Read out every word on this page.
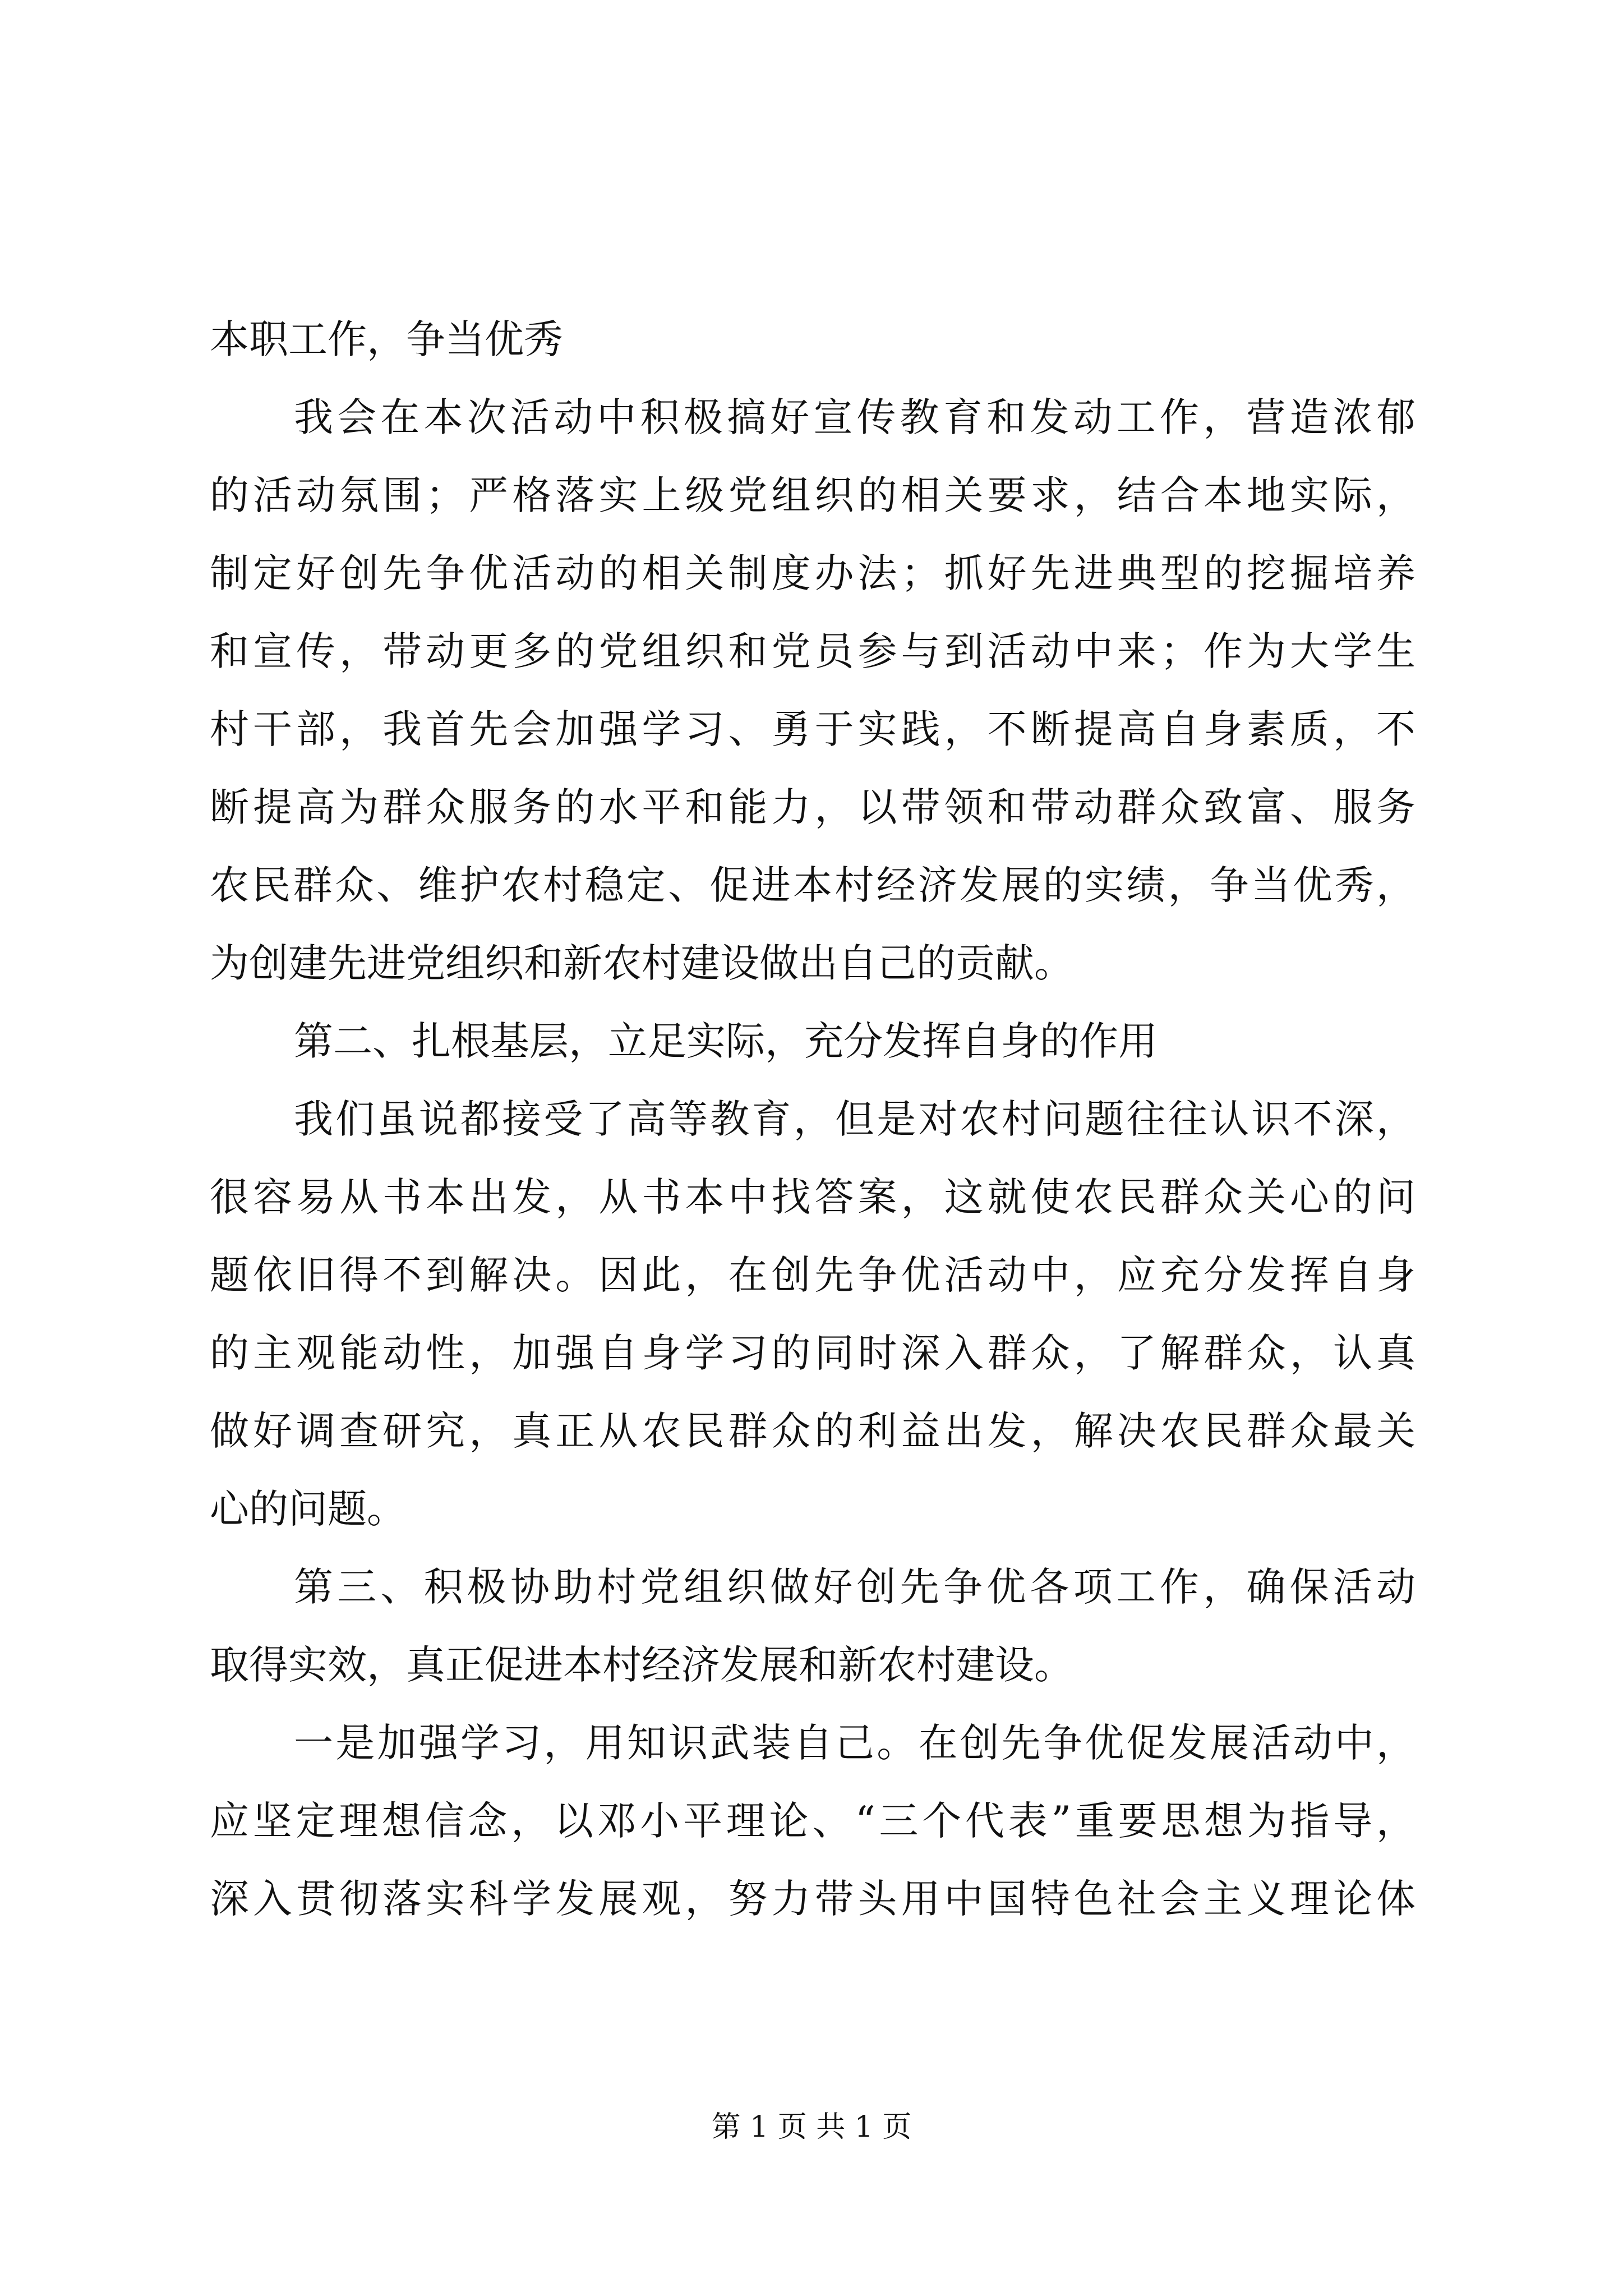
本职工作，争当优秀
我会在本次活动中积极搞好宣传教育和发动工作，营造浓郁
的活动氛围；严格落实上级党组织的相关要求，结合本地实际，
制定好创先争优活动的相关制度办法；抓好先进典型的挖掘培养
和宣传，带动更多的党组织和党员参与到活动中来；作为大学生
村干部，我首先会加强学习、勇于实践，不断提高自身素质，不
断提高为群众服务的水平和能力，以带领和带动群众致富、服务
农民群众、维护农村稳定、促进本村经济发展的实绩，争当优秀，
为创建先进党组织和新农村建设做出自己的贡献。
第二、扎根基层，立足实际，充分发挥自身的作用
我们虽说都接受了高等教育，但是对农村问题往往认识不深，
很容易从书本出发，从书本中找答案，这就使农民群众关心的问
题依旧得不到解决。因此，在创先争优活动中，应充分发挥自身
的主观能动性，加强自身学习的同时深入群众，了解群众，认真
做好调查研究，真正从农民群众的利益出发，解决农民群众最关
心的问题。
第三、积极协助村党组织做好创先争优各项工作，确保活动
取得实效，真正促进本村经济发展和新农村建设。
一是加强学习，用知识武装自己。在创先争优促发展活动中，
应坚定理想信念，以邓小平理论、“三个代表”重要思想为指导，
深入贯彻落实科学发展观，努力带头用中国特色社会主义理论体
第 1 页 共 1 页
